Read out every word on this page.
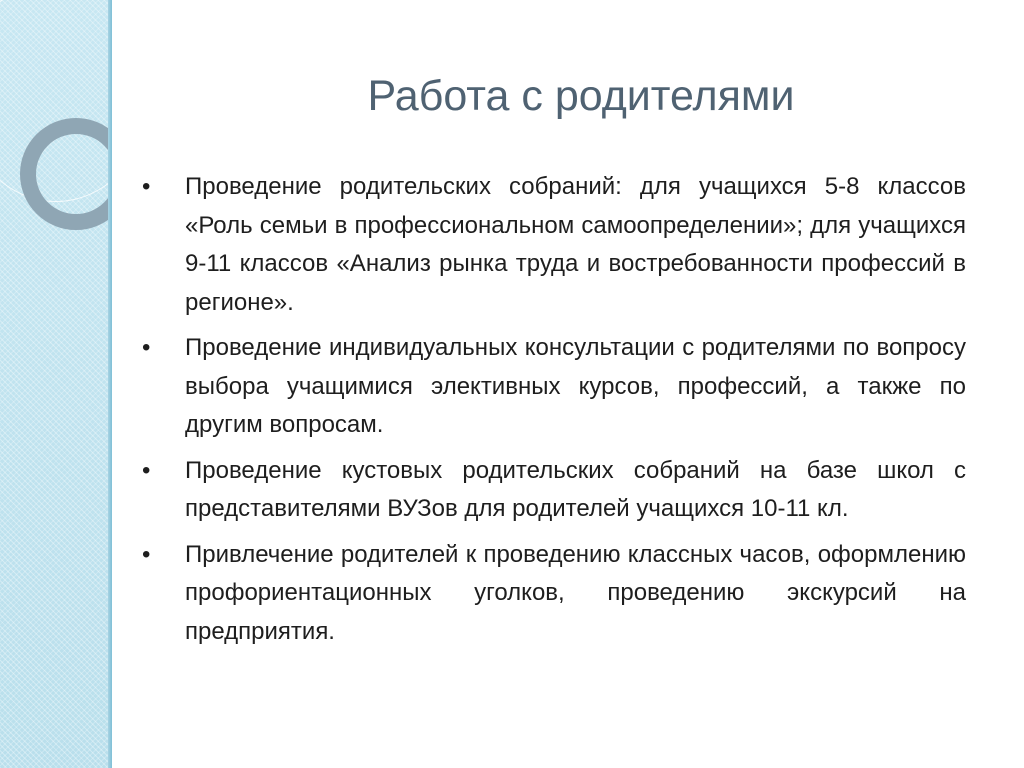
Работа с родителями
• Проведение родительских собраний: для учащихся 5-8 классов «Роль семьи в профессиональном самоопределении»; для учащихся 9-11 классов «Анализ рынка труда и востребованности профессий в регионе».
• Проведение индивидуальных консультации с родителями по вопросу выбора учащимися элективных курсов, профессий, а также по другим вопросам.
• Проведение кустовых родительских собраний на базе школ с представителями ВУЗов для родителей учащихся 10-11 кл.
• Привлечение родителей к проведению классных часов, оформлению профориентационных уголков, проведению экскурсий на предприятия.
